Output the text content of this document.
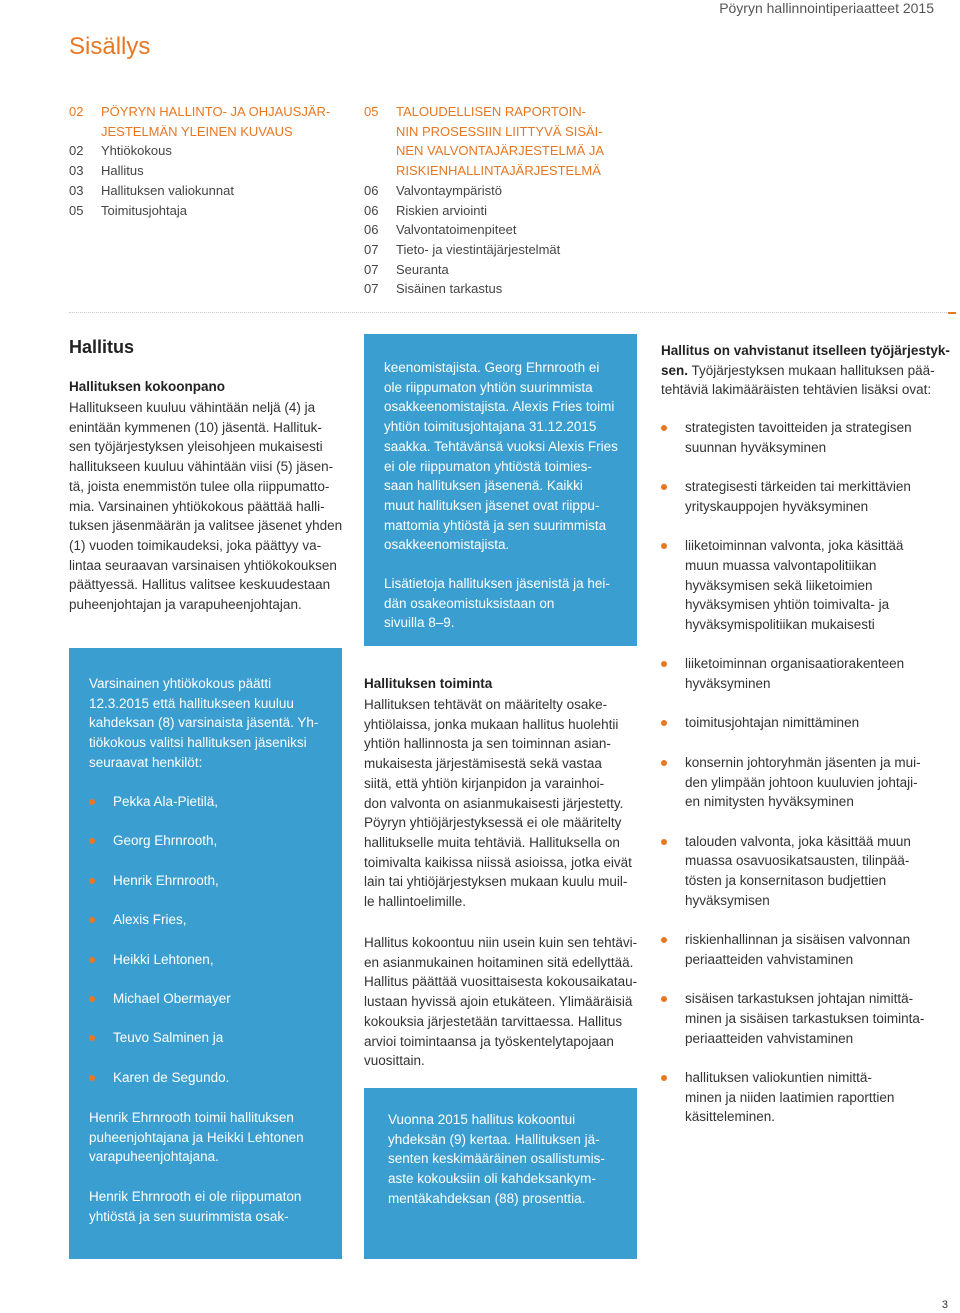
Pöyryn hallinnointiperiaatteet 2015
Sisällys
02	PÖYRYN HALLINTO- JA OHJAUSJÄR-
JESTELMÄN YLEINEN KUVAUS
02	Yhtiökokous
03	Hallitus
03	Hallituksen valiokunnat
05	Toimitusjohtaja
05	TALOUDELLISEN RAPORTOIN-
NIN PROSESSIIN LIITTYVÄ SISÄI-
NEN VALVONTAJÄRJESTELMÄ JA
RISKIENHALLINTAJÄRJESTELMÄ
06	Valvontaympäristö
06	Riskien arviointi
06	Valvontatoimenpiteet
07	Tieto- ja viestintäjärjestelmät
07	Seuranta
07	Sisäinen tarkastus
Hallitus
Hallituksen kokoonpano
Hallitukseen kuuluu vähintään neljä (4) ja
enintään kymmenen (10) jäsentä. Hallituk-
sen työjärjestyksen yleisohjeen mukaisesti
hallitukseen kuuluu vähintään viisi (5) jäsen-
tä, joista enemmistön tulee olla riippumatto-
mia. Varsinainen yhtiökokous päättää halli-
tuksen jäsenmäärän ja valitsee jäsenet yhden
(1) vuoden toimikaudeksi, joka päättyy va-
lintaa seuraavan varsinaisen yhtiökokouksen
päättyessä. Hallitus valitsee keskuudestaan
puheenjohtajan ja varapuheenjohtajan.
Varsinainen yhtiökokous päätti
12.3.2015 että hallitukseen kuuluu
kahdeksan (8) varsinaista jäsentä. Yh-
tiökokous valitsi hallituksen jäseniksi
seuraavat henkilöt:
Pekka Ala-Pietilä,
Georg Ehrnrooth,
Henrik Ehrnrooth,
Alexis Fries,
Heikki Lehtonen,
Michael Obermayer
Teuvo Salminen ja
Karen de Segundo.
Henrik Ehrnrooth toimii hallituksen
puheenjohtajana ja Heikki Lehtonen
varapuheenjohtajana.
Henrik Ehrnrooth ei ole riippumaton
yhtiöstä ja sen suurimmista osak-
keenomistajista. Georg Ehrnrooth ei
ole riippumaton yhtiön suurimmista
osakkeenomistajista. Alexis Fries toimi
yhtiön toimitusjohtajana 31.12.2015
saakka. Tehtävänsä vuoksi Alexis Fries
ei ole riippumaton yhtiöstä toimies-
saan hallituksen jäsenenä. Kaikki
muut hallituksen jäsenet ovat riippu-
mattomia yhtiöstä ja sen suurimmista
osakkeenomistajista.
Lisätietoja hallituksen jäsenistä ja hei-
dän osakeomistuksistaan on
sivuilla 8–9.
Hallituksen toiminta
Hallituksen tehtävät on määritelty osake-
yhtiölaissa, jonka mukaan hallitus huolehtii
yhtiön hallinnosta ja sen toiminnan asian-
mukaisesta järjestämisestä sekä vastaa
siitä, että yhtiön kirjanpidon ja varainhoi-
don valvonta on asianmukaisesti järjestetty.
Pöyryn yhtiöjärjestyksessä ei ole määritelty
hallitukselle muita tehtäviä. Hallituksella on
toimivalta kaikissa niissä asioissa, jotka eivät
lain tai yhtiöjärjestyksen mukaan kuulu muil-
le hallintoelimille.
Hallitus kokoontuu niin usein kuin sen tehtävi-
en asianmukainen hoitaminen sitä edellyttää.
Hallitus päättää vuosittaisesta kokousaikatau-
lustaan hyvissä ajoin etukäteen. Ylimääräisiä
kokouksia järjestetään tarvittaessa. Hallitus
arvioi toimintaansa ja työskentelytapojaan
vuosittain.
Vuonna 2015 hallitus kokoontui
yhdeksän (9) kertaa. Hallituksen jä-
senten keskimääräinen osallistumis-
aste kokouksiin oli kahdeksankym-
mentäkahdeksan (88) prosenttia.
Hallitus on vahvistanut itselleen työjärjestyk-
sen. Työjärjestyksen mukaan hallituksen pää-
tehtäviä lakimääräisten tehtävien lisäksi ovat:
strategisten tavoitteiden ja strategisen
suunnan hyväksyminen
strategisesti tärkeiden tai merkittävien
yrityskauppojen hyväksyminen
liiketoiminnan valvonta, joka käsittää
muun muassa valvontapolitiikan
hyväksymisen sekä liiketoimien
hyväksymisen yhtiön toimivalta- ja
hyväksymispolitiikan mukaisesti
liiketoiminnan organisaatiorakenteen
hyväksyminen
toimitusjohtajan nimittäminen
konsernin johtoryhmän jäsenten ja mui-
den ylimpään johtoon kuuluvien johtaji-
en nimitysten hyväksyminen
talouden valvonta, joka käsittää muun
muassa osavuosikatsausten, tilinpää-
tösten ja konsernitason budjettien
hyväksymisen
riskienhallinnan ja sisäisen valvonnan
periaatteiden vahvistaminen
sisäisen tarkastuksen johtajan nimittä-
minen ja sisäisen tarkastuksen toiminta-
periaatteiden vahvistaminen
hallituksen valiokuntien nimittä-
minen ja niiden laatimien raporttien
käsitteleminen.
3
